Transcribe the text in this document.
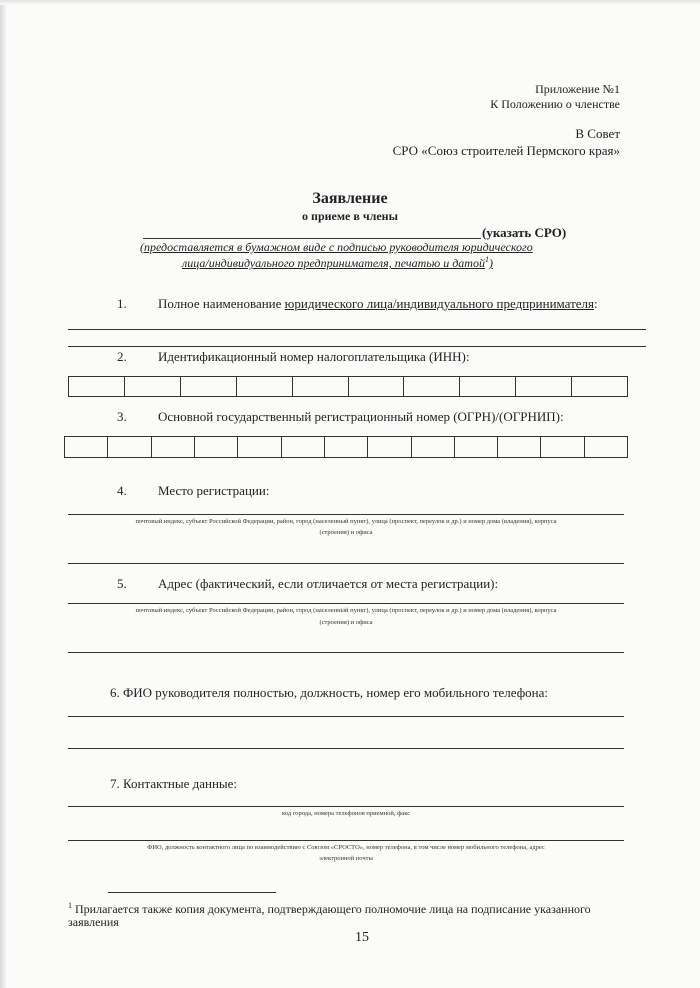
Приложение №1
К Положению о членстве
В Совет
СРО «Союз строителей Пермского края»
Заявление
о приеме в члены
(указать СРО)
(предоставляется в бумажном виде с подписью руководителя юридического
лица/индивидуального предпринимателя, печатью и датой$^1$)
1. Полное наименование юридического лица/индивидуального предпринимателя:
2. Идентификационный номер налогоплательщика (ИНН):
3. Основной государственный регистрационный номер (ОГРН)/(ОГРНИП):
4. Место регистрации:
почтовый индекс, субъект Российской Федерации, район, город (населенный пункт), улица (проспект, переулок и др.) и номер дома (владения), корпуса
(строения) и офиса
5. Адрес (фактический, если отличается от места регистрации):
почтовый индекс, субъект Российской Федерации, район, город (населенный пункт), улица (проспект, переулок и др.) и номер дома (владения), корпуса
(строения) и офиса
6. ФИО руководителя полностью, должность, номер его мобильного телефона:
7. Контактные данные:
код города, номера телефонов приемной, факс
ФИО, должность контактного лица по взаимодействию с Союзом «СРОСТО», номер телефона, в том числе номер мобильного телефона, адрес
электронной почты
$^1$ Прилагается также копия документа, подтверждающего полномочие лица на подписание указанного
заявления
15
